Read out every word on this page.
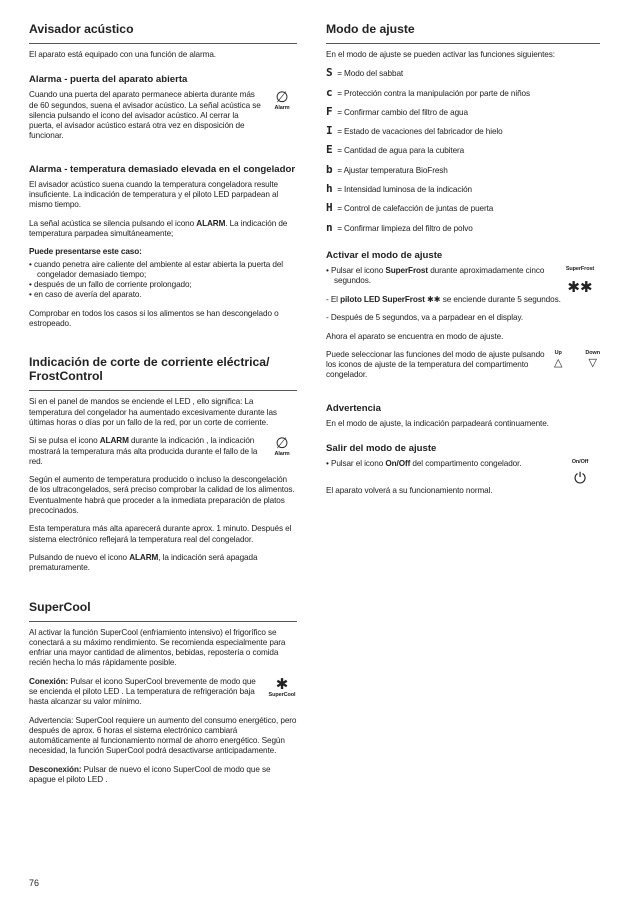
Avisador acústico

El aparato está equipado con una función de alarma.

Alarma - puerta del aparato abierta

Cuando una puerta del aparato permanece abierta durante más de 60 segundos, suena el avisador acústico. La señal acústica se silencia pulsando el icono del avisador acústico. Al cerrar la puerta, el avisador acústico estará otra vez en disposición de funcionar.

∅
Alarm
Alarma - temperatura demasiado elevada en el congelador

El avisador acústico suena cuando la temperatura congeladora resulte insuficiente. La indicación de temperatura y el piloto LED parpadean al mismo tiempo.

La señal acústica se silencia pulsando el icono ALARM. La indicación de temperatura parpadea simultáneamente;

Puede presentarse este caso:

• cuando penetra aire caliente del ambiente al estar abierta la puerta del congelador demasiado tiempo;
• después de un fallo de corriente prolongado;
• en caso de avería del aparato.

Comprobar en todos los casos si los alimentos se han descongelado o estropeado.

Indicación de corte de corriente eléctrica/ FrostControl

Si en el panel de mandos se enciende el LED , ello significa: La temperatura del congelador ha aumentado excesivamente durante las últimas horas o días por un fallo de la red, por un corte de corriente.

Si se pulsa el icono ALARM durante la indicación , la indicación mostrará la temperatura más alta producida durante el fallo de la red.

∅
Alarm

Según el aumento de temperatura producido o incluso la descongelación de los ultracongelados, será preciso comprobar la calidad de los alimentos. Eventualmente habrá que proceder a la inmediata preparación de platos precocinados.

Esta temperatura más alta aparecerá durante aprox. 1 minuto. Después el sistema electrónico reflejará la temperatura real del congelador.

Pulsando de nuevo el icono ALARM, la indicación será apagada prematuramente.

SuperCool

Al activar la función SuperCool (enfriamiento intensivo) el frigorífico se conectará a su máximo rendimiento. Se recomienda especialmente para enfriar una mayor cantidad de alimentos, bebidas, repostería o comida recién hecha lo más rápidamente posible.

Conexión: Pulsar el icono SuperCool brevemente de modo que se encienda el piloto LED . La temperatura de refrigeración baja hasta alcanzar su valor mínimo.

✱
SuperCool

Advertencia: SuperCool requiere un aumento del consumo energético, pero después de aprox. 6 horas el sistema electrónico cambiará automáticamente al funcionamiento normal de ahorro energético. Según necesidad, la función SuperCool podrá desactivarse anticipadamente.

Desconexión: Pulsar de nuevo el icono SuperCool de modo que se apague el piloto LED .

Modo de ajuste

En el modo de ajuste se pueden activar las funciones siguientes:

S = Modo del sabbat
c = Protección contra la manipulación por parte de niños
F = Confirmar cambio del filtro de agua
I = Estado de vacaciones del fabricador de hielo
E = Cantidad de agua para la cubitera
b = Ajustar temperatura BioFresh
h = Intensidad luminosa de la indicación
H = Control de calefacción de juntas de puerta
n = Confirmar limpieza del filtro de polvo
Activar el modo de ajuste
• Pulsar el icono SuperFrost durante aproximadamente cinco segundos.
SuperFrost
✱✱

- El piloto LED SuperFrost ✱✱ se enciende durante 5 segundos.

- Después de 5 segundos, va a parpadear en el display.

Ahora el aparato se encuentra en modo de ajuste.

Puede seleccionar las funciones del modo de ajuste pulsando los iconos de ajuste de la temperatura del compartimento congelador.

Up
△
Down
▽
Advertencia

En el modo de ajuste, la indicación parpadeará continuamente.

Salir del modo de ajuste
• Pulsar el icono On/Off del compartimento congelador.	On/Off
⏻

El aparato volverá a su funcionamiento normal.

76
